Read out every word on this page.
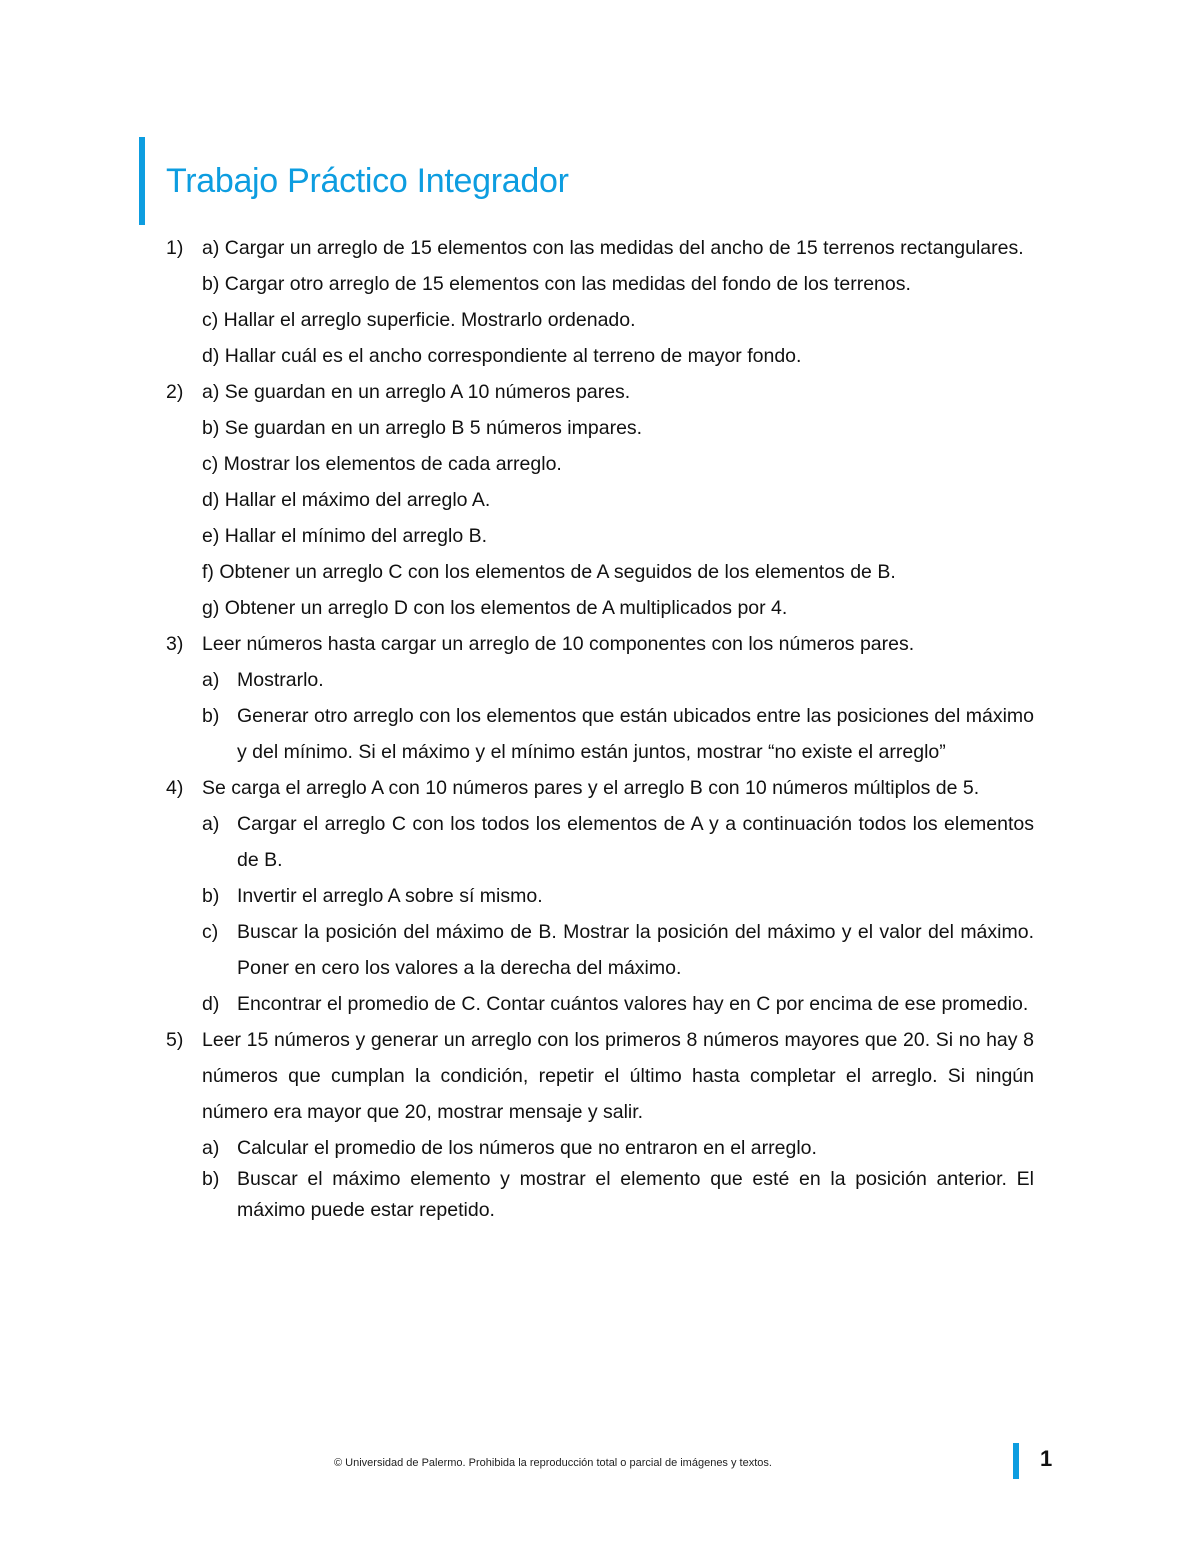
Trabajo Práctico Integrador
1) a) Cargar un arreglo de 15 elementos con las medidas del ancho de 15 terrenos rectangulares.
b) Cargar otro arreglo de 15 elementos con las medidas del fondo de los terrenos.
c) Hallar el arreglo superficie. Mostrarlo ordenado.
d) Hallar cuál es el ancho correspondiente al terreno de mayor fondo.
2) a) Se guardan en un arreglo A 10 números pares.
b) Se guardan en un arreglo B 5 números impares.
c) Mostrar los elementos de cada arreglo.
d) Hallar el máximo del arreglo A.
e) Hallar el mínimo del arreglo B.
f) Obtener un arreglo C con los elementos de A seguidos de los elementos de B.
g) Obtener un arreglo D con los elementos de A multiplicados por 4.
3) Leer números hasta cargar un arreglo de 10 componentes con los números pares.
a) Mostrarlo.
b) Generar otro arreglo con los elementos que están ubicados entre las posiciones del máximo y del mínimo. Si el máximo y el mínimo están juntos, mostrar “no existe el arreglo”
4) Se carga el arreglo A con 10 números pares y el arreglo B con 10 números múltiplos de 5.
a) Cargar el arreglo C con los todos los elementos de A y a continuación todos los elementos de B.
b) Invertir el arreglo A sobre sí mismo.
c) Buscar la posición del máximo de B. Mostrar la posición del máximo y el valor del máximo. Poner en cero los valores a la derecha del máximo.
d) Encontrar el promedio de C. Contar cuántos valores hay en C por encima de ese promedio.
5) Leer 15 números y generar un arreglo con los primeros 8 números mayores que 20. Si no hay 8 números que cumplan la condición, repetir el último hasta completar el arreglo. Si ningún número era mayor que 20, mostrar mensaje y salir.
a) Calcular el promedio de los números que no entraron en el arreglo.
b) Buscar el máximo elemento y mostrar el elemento que esté en la posición anterior. El máximo puede estar repetido.
© Universidad de Palermo. Prohibida la reproducción total o parcial de imágenes y textos.	1
